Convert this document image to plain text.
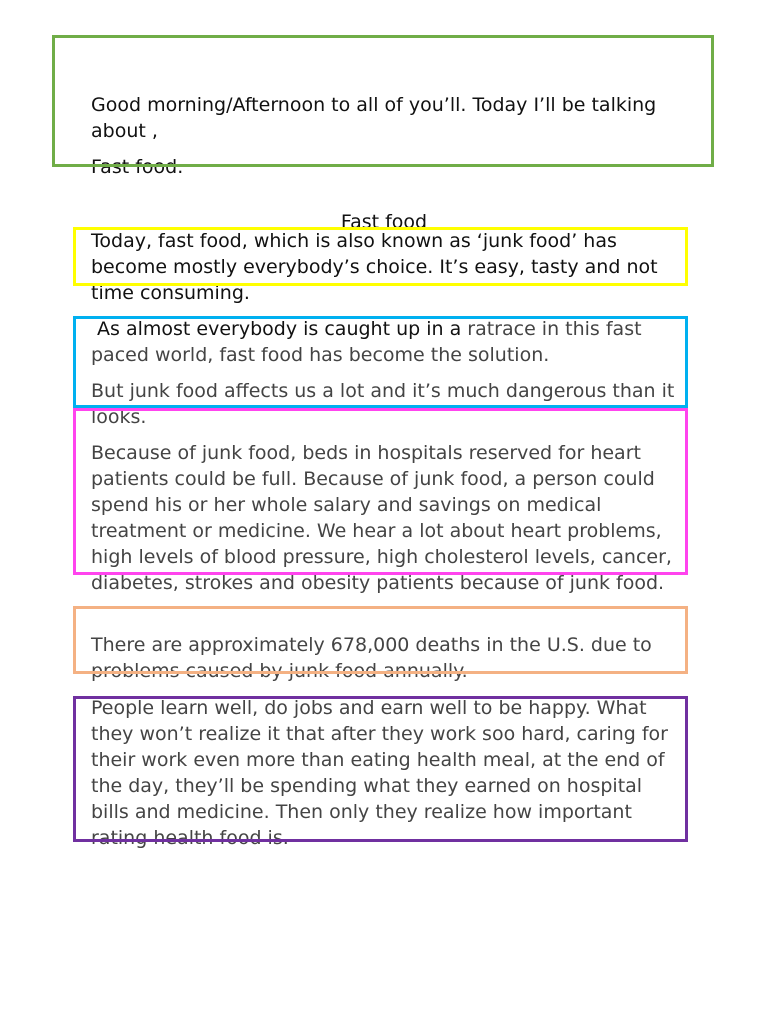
Good morning/Afternoon to all of you’ll. Today I’ll be talking about ,

Fast food.

Fast food

Today, fast food, which is also known as ‘junk food’ has become mostly everybody’s choice. It’s easy, tasty and not time consuming.

As almost everybody is caught up in a ratrace in this fast paced world, fast food has become the solution.

But junk food affects us a lot and it’s much dangerous than it looks.

Because of junk food, beds in hospitals reserved for heart patients could be full. Because of junk food, a person could spend his or her whole salary and savings on medical treatment or medicine. We hear a lot about heart problems, high levels of blood pressure, high cholesterol levels, cancer, diabetes, strokes and obesity patients because of junk food.

There are approximately 678,000 deaths in the U.S. due to problems caused by junk food annually.

People learn well, do jobs and earn well to be happy. What they won’t realize it that after they work soo hard, caring for their work even more than eating health meal, at the end of the day, they’ll be spending what they earned on hospital bills and medicine. Then only they realize how important rating health food is.
